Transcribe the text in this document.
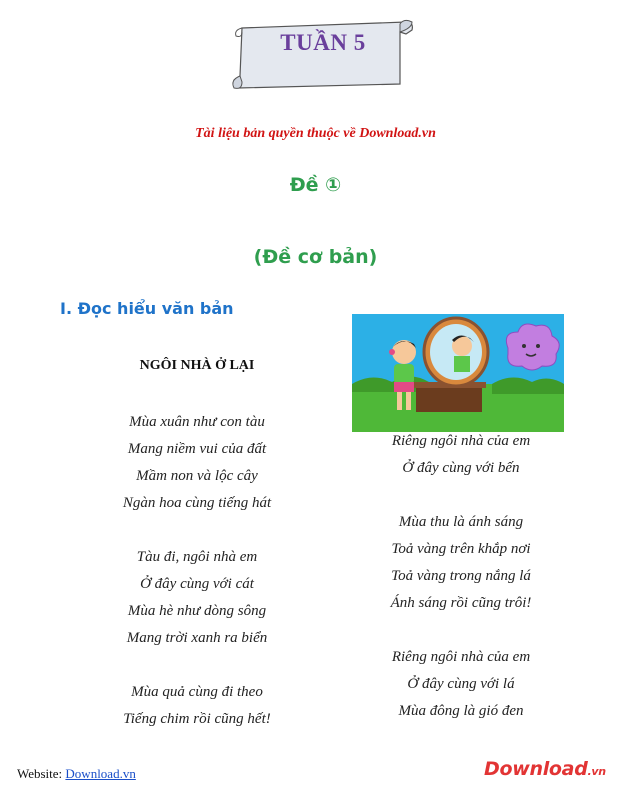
TUẦN 5
Tài liệu bản quyền thuộc về Download.vn
Đề ①
(Đề cơ bản)
I. Đọc hiểu văn bản
NGÔI NHÀ Ở LẠI
Mùa xuân như con tàu
Mang niềm vui của đất
Mầm non và lộc cây
Ngàn hoa cùng tiếng hát
Tàu đi, ngôi nhà em
Ở đây cùng với cát
Mùa hè như dòng sông
Mang trời xanh ra biển
Mùa quả cùng đi theo
Tiếng chim rồi cũng hết!
Riêng ngôi nhà của em
Ở đây cùng với bến
Mùa thu là ánh sáng
Toả vàng trên khắp nơi
Toả vàng trong nắng lá
Ánh sáng rồi cũng trôi!
Riêng ngôi nhà của em
Ở đây cùng với lá
Mùa đông là gió đen
Website: Download.vn	Download.vn
